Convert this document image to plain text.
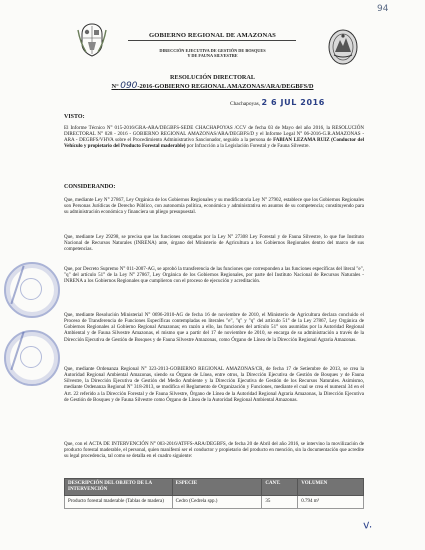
94
GOBIERNO REGIONAL DE AMAZONAS
DIRECCIÓN EJECUTIVA DE GESTIÓN DE BOSQUES
Y DE FAUNA SILVESTRE
RESOLUCIÓN DIRECTORAL
N° 090-2016-GOBIERNO REGIONAL AMAZONAS/ARA/DEGBFS/D
Chachapoyas, 2 6 JUL 2016
VISTO:

El Informe Técnico N° 015-2016/GRA-ARA/DEGBFS-SEDE CHACHAPOYAS /CCV de fecha 03 de Mayo del año 2016, la RESOLUCIÓN DIRECTORAL N° 028 - 2016 - GOBIERNO REGIONAL AMAZONAS/ARA/DEGBFS/D y el Informe Legal N° 06-2016-G.R.AMAZONAS - ARA - DEGBFS/VHVA sobre el Procedimiento Administrativo Sancionador, seguido a la persona de FABIAN LEZAMA RUIZ (Conductor del Vehículo y propietario del Producto Forestal maderable) por Infracción a la Legislación Forestal y de Fauna Silvestre.

CONSIDERANDO:

Que, mediante Ley N° 27867, Ley Orgánica de los Gobiernos Regionales y su modificatoria Ley N° 27902, establece que los Gobiernos Regionales son Personas Jurídicas de Derecho Público, con autonomía política, económica y administrativa en asuntos de su competencia; constituyendo para su administración económica y financiera un pliego presupuestal.

Que, mediante Ley 29298, se precisa que las funciones otorgadas por la Ley N° 27308 Ley Forestal y de Fauna Silvestre, lo que fue Instituto Nacional de Recursos Naturales (INRENA) ante, órgano del Ministerio de Agricultura a los Gobiernos Regionales dentro del marco de sus competencias.

Que, por Decreto Supremo N° 011-2007-AG, se aprobó la transferencia de las funciones que corresponden a las funciones específicas del literal "e", "q" del artículo 51° de la Ley N° 27867, Ley Orgánica de los Gobiernos Regionales, por parte del Instituto Nacional de Recursos Naturales - INRENA a los Gobiernos Regionales que cumplieron con el proceso de ejecución y acreditación.

Que, mediante Resolución Ministerial N° 0696-2010-AG de fecha 16 de noviembre de 2010, el Ministerio de Agricultura declara concluido el Proceso de Transferencia de Funciones Específicas contempladas en literales "e", "q" y "q" del artículo 51° de la Ley 27867, Ley Orgánica de Gobiernos Regionales al Gobierno Regional Amazonas; en razón a ello, las funciones del artículo 51° son asumidas por la Autoridad Regional Ambiental y de Fauna Silvestre Amazonas, el mismo que a partir del 17 de noviembre de 2010, se encarga de su administración a través de la Dirección Ejecutiva de Gestión de Bosques y de Fauna Silvestre Amazonas, como Órgano de Línea de la Dirección Regional Agraria Amazonas.

Que, mediante Ordenanza Regional N° 323-2013-GOBIERNO REGIONAL AMAZONAS/CR, de fecha 17 de Setiembre de 2013, se crea la Autoridad Regional Ambiental Amazonas, siendo su Órgano de Línea, entre otros, la Dirección Ejecutiva de Gestión de Bosques y de Fauna Silvestre, la Dirección Ejecutiva de Gestión del Medio Ambiente y la Dirección Ejecutiva de Gestión de los Recursos Naturales. Asimismo, mediante Ordenanza Regional N° 318-2013, se modifica el Reglamento de Organización y Funciones, mediante el cual se crea el numeral 34 en el Art. 22 referido a la Dirección Forestal y de Fauna Silvestre, Órgano de Línea de la Autoridad Regional Agraria Amazonas, la Dirección Ejecutiva de Gestión de Bosques y de Fauna Silvestre como Órgano de Línea de la Autoridad Regional Ambiental Amazonas.

Que, con el ACTA DE INTERVENCIÓN N° 003-2016/ATFFS-ARA/DEGBFS, de fecha 20 de Abril del año 2016, se intervino la movilización de producto forestal maderable, el personal, quien manifestó ser el conductor y propietario del producto en mención, sin la documentación que acredite su legal procedencia, tal como se detalla en el cuadro siguiente:

DESCRIPCIÓN DEL OBJETO DE LA INTERVENCIÓN	ESPECIE	CANT.	VOLUMEN
Producto forestal maderable (Tablas de madera)	Cedro (Cedrela spp.)	35	0.794 m³
v.
